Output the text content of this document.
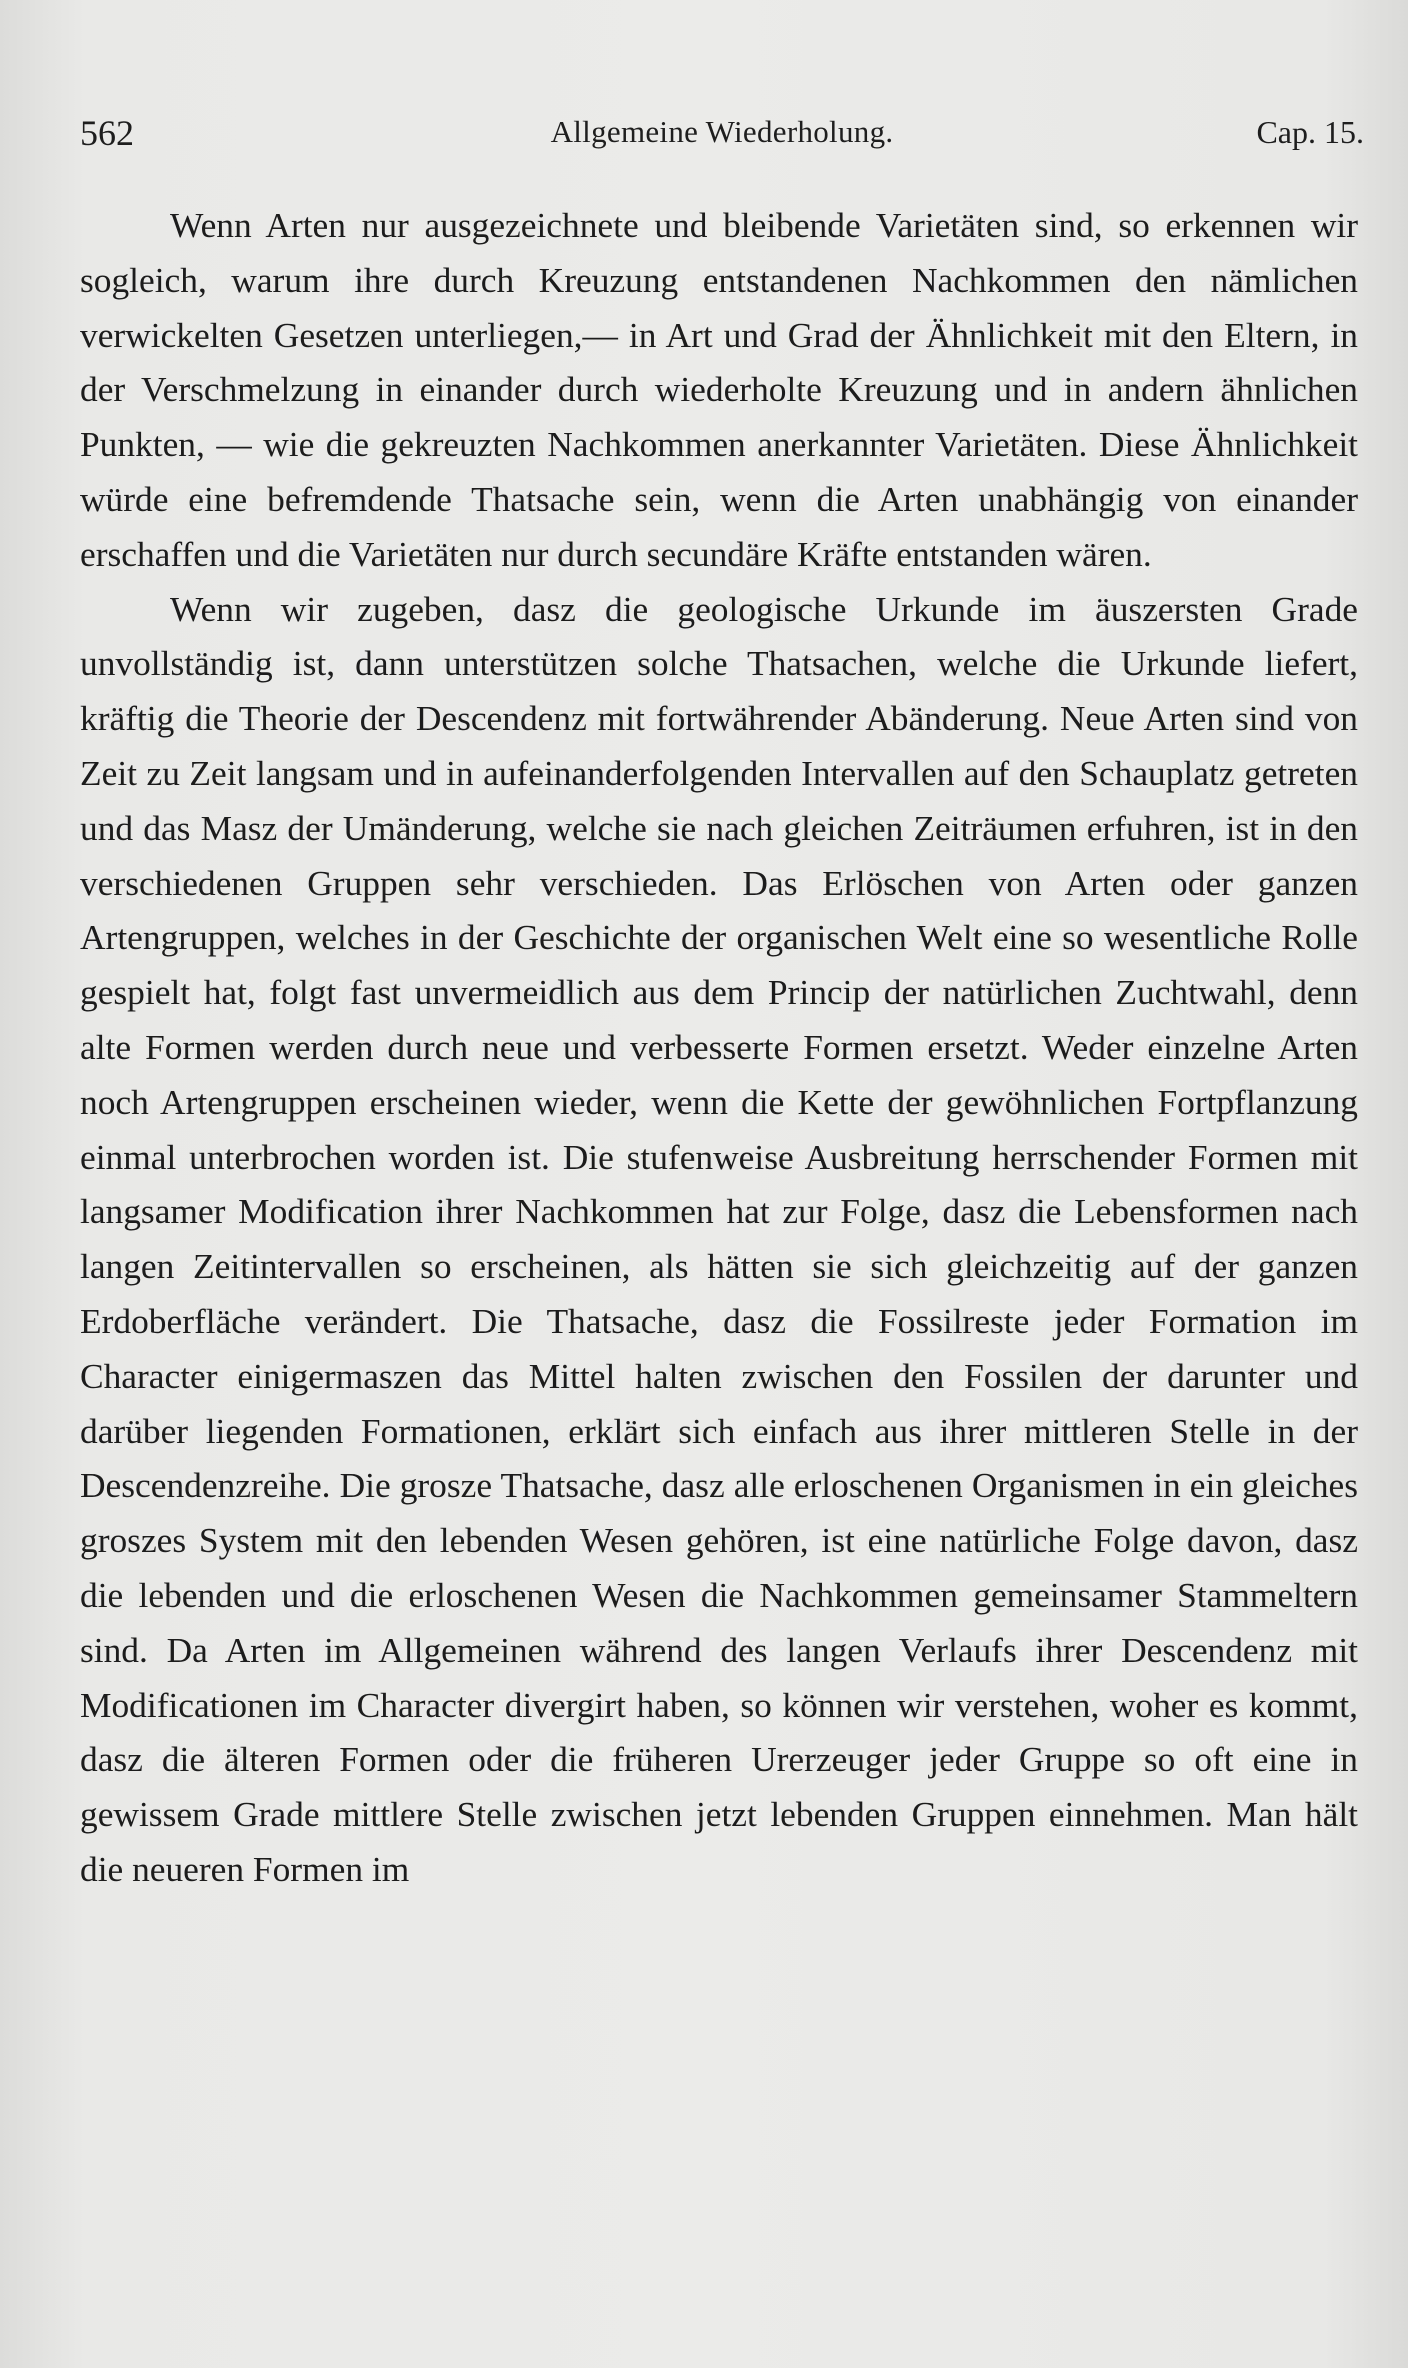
562	Allgemeine Wiederholung.	Cap. 15.

Wenn Arten nur ausgezeichnete und bleibende Varietäten sind, so erkennen wir sogleich, warum ihre durch Kreuzung entstandenen Nachkommen den nämlichen verwickelten Gesetzen unterliegen,— in Art und Grad der Ähnlichkeit mit den Eltern, in der Verschmelzung in einander durch wiederholte Kreuzung und in andern ähnlichen Punkten, — wie die gekreuzten Nachkommen anerkannter Varietäten. Diese Ähnlichkeit würde eine befremdende Thatsache sein, wenn die Arten unabhängig von einander erschaffen und die Varietäten nur durch secundäre Kräfte entstanden wären.

Wenn wir zugeben, dasz die geologische Urkunde im äuszersten Grade unvollständig ist, dann unterstützen solche Thatsachen, welche die Urkunde liefert, kräftig die Theorie der Descendenz mit fortwährender Abänderung. Neue Arten sind von Zeit zu Zeit langsam und in aufeinanderfolgenden Intervallen auf den Schauplatz getreten und das Masz der Umänderung, welche sie nach gleichen Zeiträumen erfuhren, ist in den verschiedenen Gruppen sehr verschieden. Das Erlöschen von Arten oder ganzen Artengruppen, welches in der Geschichte der organischen Welt eine so wesentliche Rolle gespielt hat, folgt fast unvermeidlich aus dem Princip der natürlichen Zuchtwahl, denn alte Formen werden durch neue und verbesserte Formen ersetzt. Weder einzelne Arten noch Artengruppen erscheinen wieder, wenn die Kette der gewöhnlichen Fortpflanzung einmal unterbrochen worden ist. Die stufenweise Ausbreitung herrschender Formen mit langsamer Modification ihrer Nachkommen hat zur Folge, dasz die Lebensformen nach langen Zeitintervallen so erscheinen, als hätten sie sich gleichzeitig auf der ganzen Erdoberfläche verändert. Die Thatsache, dasz die Fossilreste jeder Formation im Character einigermaszen das Mittel halten zwischen den Fossilen der darunter und darüber liegenden Formationen, erklärt sich einfach aus ihrer mittleren Stelle in der Descendenzreihe. Die grosze Thatsache, dasz alle erloschenen Organismen in ein gleiches groszes System mit den lebenden Wesen gehören, ist eine natürliche Folge davon, dasz die lebenden und die erloschenen Wesen die Nachkommen gemeinsamer Stammeltern sind. Da Arten im Allgemeinen während des langen Verlaufs ihrer Descendenz mit Modificationen im Character divergirt haben, so können wir verstehen, woher es kommt, dasz die älteren Formen oder die früheren Urerzeuger jeder Gruppe so oft eine in gewissem Grade mittlere Stelle zwischen jetzt lebenden Gruppen einnehmen. Man hält die neueren Formen im
